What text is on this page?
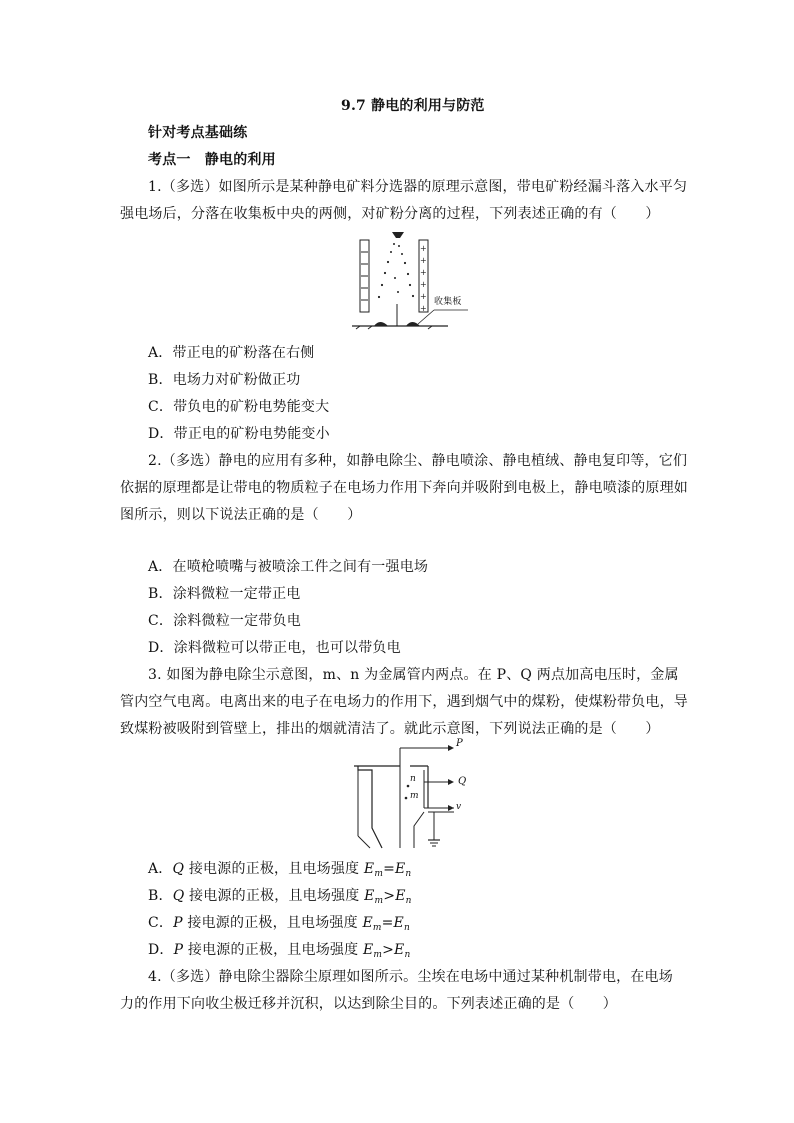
9.7 静电的利用与防范
针对考点基础练
考点一　静电的利用
1.（多选）如图所示是某种静电矿料分选器的原理示意图，带电矿粉经漏斗落入水平匀
强电场后，分落在收集板中央的两侧，对矿粉分离的过程，下列表述正确的有（　　）
+
+
+
+
+
+
收集板
A．带正电的矿粉落在右侧
B．电场力对矿粉做正功
C．带负电的矿粉电势能变大
D．带正电的矿粉电势能变小
2.（多选）静电的应用有多种，如静电除尘、静电喷涂、静电植绒、静电复印等，它们
依据的原理都是让带电的物质粒子在电场力作用下奔向并吸附到电极上，静电喷漆的原理如
图所示，则以下说法正确的是（　　）
A．在喷枪喷嘴与被喷涂工件之间有一强电场
B．涂料微粒一定带正电
C．涂料微粒一定带负电
D．涂料微粒可以带正电，也可以带负电
3. 如图为静电除尘示意图，m、n 为金属管内两点。在 P、Q 两点加高电压时，金属
管内空气电离。电离出来的电子在电场力的作用下，遇到烟气中的煤粉，使煤粉带负电，导
致煤粉被吸附到管壁上，排出的烟就清洁了。就此示意图，下列说法正确的是（　　）
P
Q
n
m
v
A．Q 接电源的正极，且电场强度 $E_m=E_n$
B．Q 接电源的正极，且电场强度 $E_m>E_n$
C．P 接电源的正极，且电场强度 $E_m=E_n$
D．P 接电源的正极，且电场强度 $E_m>E_n$
4.（多选）静电除尘器除尘原理如图所示。尘埃在电场中通过某种机制带电，在电场
力的作用下向收尘极迁移并沉积，以达到除尘目的。下列表述正确的是（　　）
